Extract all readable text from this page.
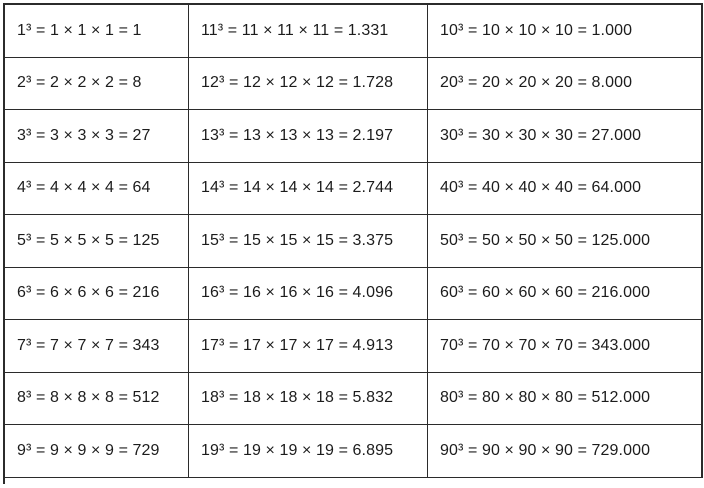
1³ = 1 × 1 × 1 = 1	11³ = 11 × 11 × 11 = 1.331	10³ = 10 × 10 × 10 = 1.000
2³ = 2 × 2 × 2 = 8	12³ = 12 × 12 × 12 = 1.728	20³ = 20 × 20 × 20 = 8.000
3³ = 3 × 3 × 3 = 27	13³ = 13 × 13 × 13 = 2.197	30³ = 30 × 30 × 30 = 27.000
4³ = 4 × 4 × 4 = 64	14³ = 14 × 14 × 14 = 2.744	40³ = 40 × 40 × 40 = 64.000
5³ = 5 × 5 × 5 = 125	15³ = 15 × 15 × 15 = 3.375	50³ = 50 × 50 × 50 = 125.000
6³ = 6 × 6 × 6 = 216	16³ = 16 × 16 × 16 = 4.096	60³ = 60 × 60 × 60 = 216.000
7³ = 7 × 7 × 7 = 343	17³ = 17 × 17 × 17 = 4.913	70³ = 70 × 70 × 70 = 343.000
8³ = 8 × 8 × 8 = 512	18³ = 18 × 18 × 18 = 5.832	80³ = 80 × 80 × 80 = 512.000
9³ = 9 × 9 × 9 = 729	19³ = 19 × 19 × 19 = 6.895	90³ = 90 × 90 × 90 = 729.000
